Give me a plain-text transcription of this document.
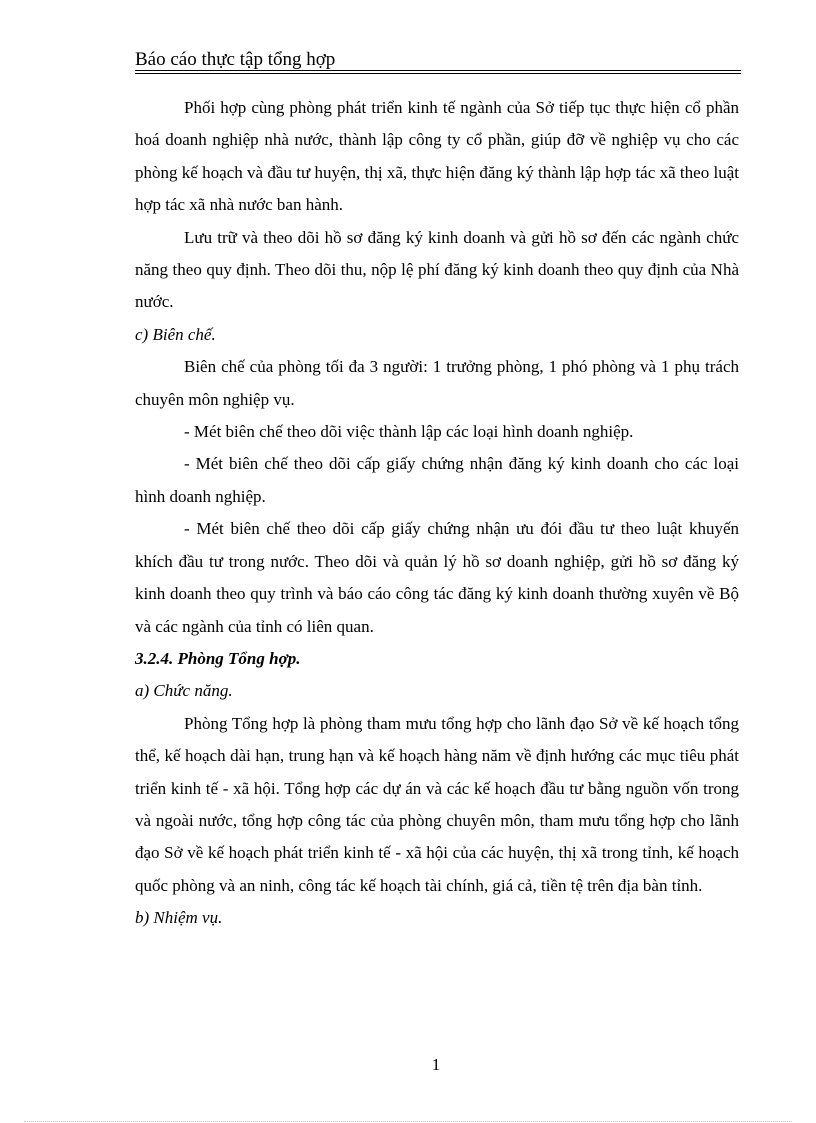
Báo cáo thực tập tổng hợp

Phối hợp cùng phòng phát triển kinh tế ngành của Sở tiếp tục thực hiện cổ phần hoá doanh nghiệp nhà nước, thành lập công ty cổ phần, giúp đỡ về nghiệp vụ cho các phòng kế hoạch và đầu tư huyện, thị xã, thực hiện đăng ký thành lập hợp tác xã theo luật hợp tác xã nhà nước ban hành.

Lưu trữ và theo dõi hồ sơ đăng ký kinh doanh và gửi hồ sơ đến các ngành chức năng theo quy định. Theo dõi thu, nộp lệ phí đăng ký kinh doanh theo quy định của Nhà nước.

c) Biên chế.

Biên chế của phòng tối đa 3 người: 1 trưởng phòng, 1 phó phòng và 1 phụ trách chuyên môn nghiệp vụ.

- Mét biên chế theo dõi việc thành lập các loại hình doanh nghiệp.

- Mét biên chế theo dõi cấp giấy chứng nhận đăng ký kinh doanh cho các loại hình doanh nghiệp.

- Mét biên chế theo dõi cấp giấy chứng nhận ưu đói đầu tư theo luật khuyến khích đầu tư trong nước. Theo dõi và quản lý hồ sơ doanh nghiệp, gửi hồ sơ đăng ký kinh doanh theo quy trình và báo cáo công tác đăng ký kinh doanh thường xuyên về Bộ và các ngành của tỉnh có liên quan.

3.2.4. Phòng Tổng hợp.

a) Chức năng.

Phòng Tổng hợp là phòng tham mưu tổng hợp cho lãnh đạo Sở về kế hoạch tổng thể, kế hoạch dài hạn, trung hạn và kế hoạch hàng năm về định hướng các mục tiêu phát triển kinh tế - xã hội. Tổng hợp các dự án và các kế hoạch đầu tư bằng nguồn vốn trong và ngoài nước, tổng hợp công tác của phòng chuyên môn, tham mưu tổng hợp cho lãnh đạo Sở về kế hoạch phát triển kinh tế - xã hội của các huyện, thị xã trong tỉnh, kế hoạch quốc phòng và an ninh, công tác kế hoạch tài chính, giá cả, tiền tệ trên địa bàn tỉnh.

b) Nhiệm vụ.

1
